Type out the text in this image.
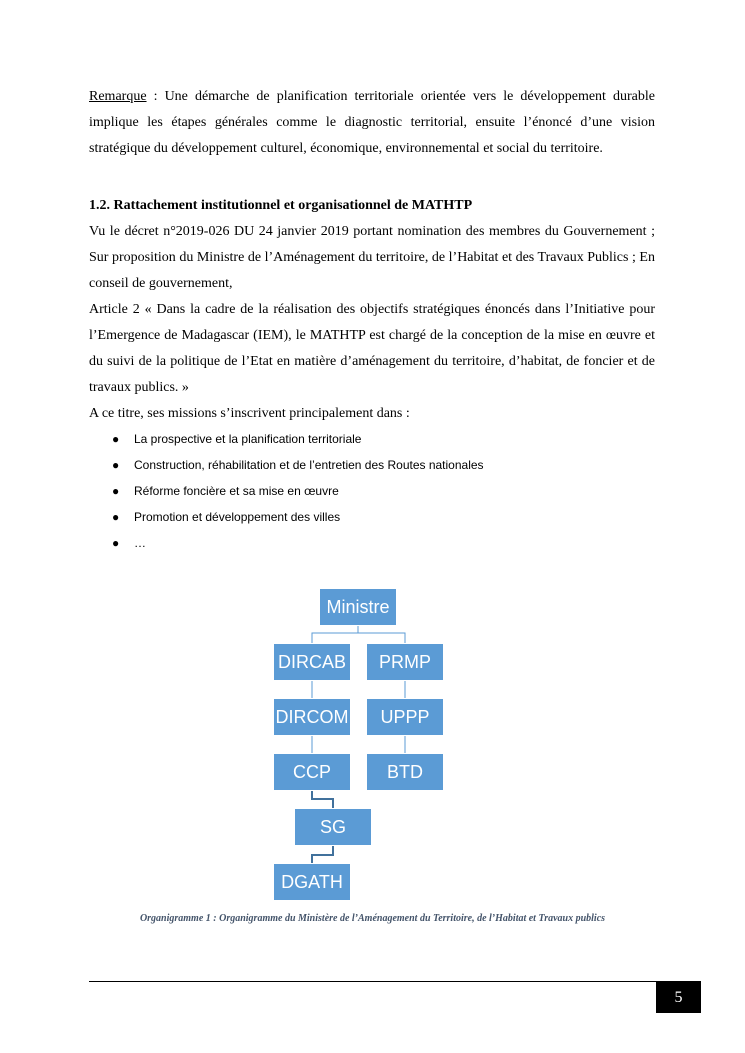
Remarque : Une démarche de planification territoriale orientée vers le développement durable implique les étapes générales comme le diagnostic territorial, ensuite l’énoncé d’une vision stratégique du développement culturel, économique, environnemental et social du territoire.

1.2. Rattachement institutionnel et organisationnel de MATHTP
Vu le décret n°2019-026 DU 24 janvier 2019 portant nomination des membres du Gouvernement ; Sur proposition du Ministre de l’Aménagement du territoire, de l’Habitat et des Travaux Publics ; En conseil de gouvernement,
Article 2 « Dans la cadre de la réalisation des objectifs stratégiques énoncés dans l’Initiative pour l’Emergence de Madagascar (IEM), le MATHTP est chargé de la conception de la mise en œuvre et du suivi de la politique de l’Etat en matière d’aménagement du territoire, d’habitat, de foncier et de travaux publics. »
A ce titre, ses missions s’inscrivent principalement dans :
● La prospective et la planification territoriale
● Construction, réhabilitation et de l’entretien des Routes nationales
● Réforme foncière et sa mise en œuvre
● Promotion et développement des villes
● …
Ministre
DIRCAB	PRMP
DIRCOM	UPPP
CCP	BTD
SG
DGATH

Organigramme 1 : Organigramme du Ministère de l’Aménagement du Territoire, de l’Habitat et Travaux publics

5
